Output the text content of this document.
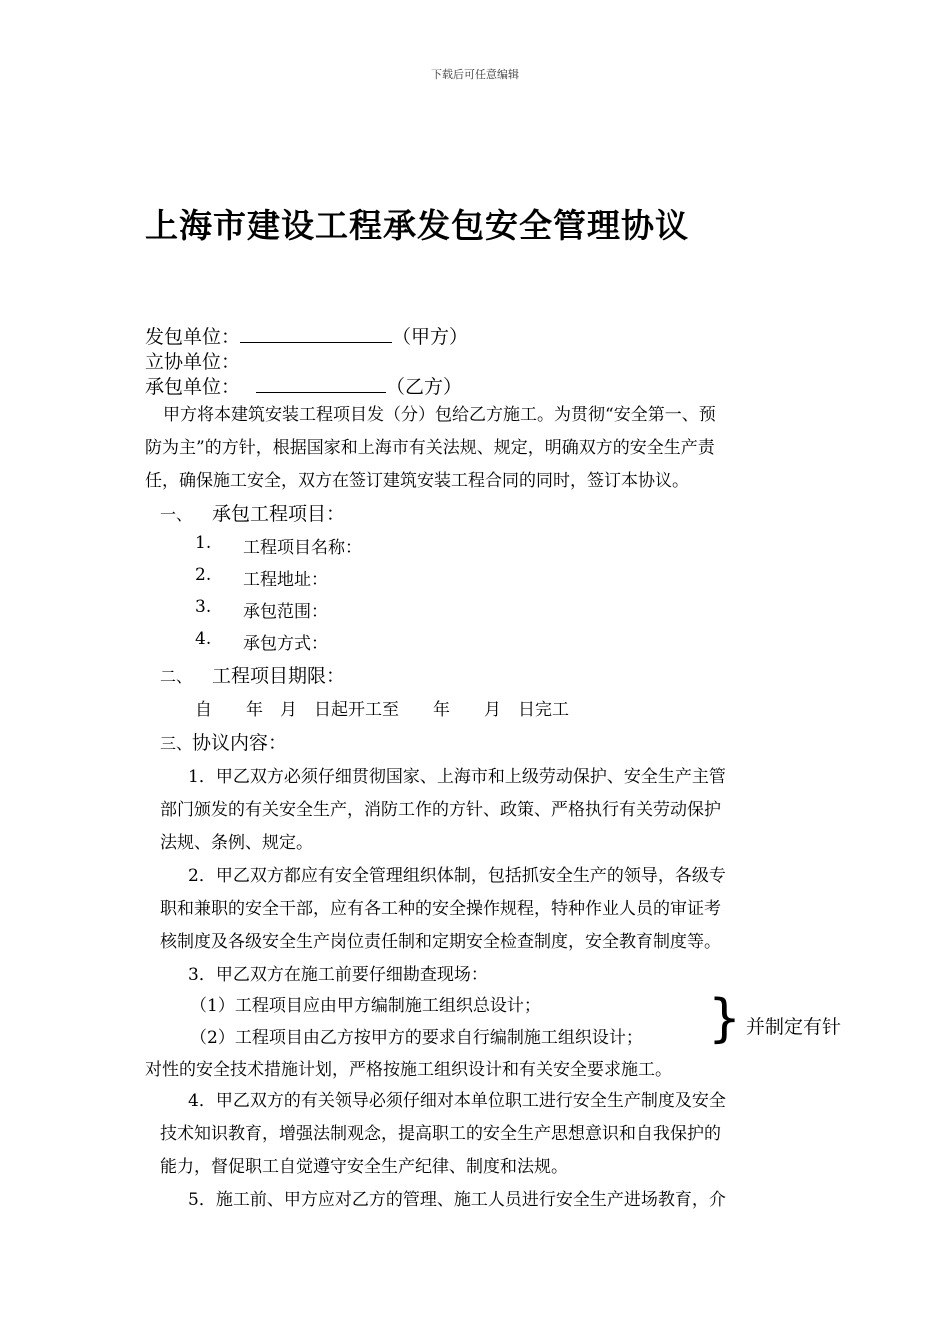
下载后可任意编辑
上海市建设工程承发包安全管理协议
发包单位：	（甲方）
立协单位：
承包单位：	（乙方）
甲方将本建筑安装工程项目发（分）包给乙方施工。为贯彻“安全第一、预
防为主”的方针，根据国家和上海市有关法规、规定，明确双方的安全生产责
任，确保施工安全，双方在签订建筑安装工程合同的同时，签订本协议。
一、 承包工程项目：
1. 工程项目名称：
2. 工程地址：
3. 承包范围：
4. 承包方式：
二、 工程项目期限：
自　　年　月　日起开工至　　年　　月　日完工
三、协议内容：
1．甲乙双方必须仔细贯彻国家、上海市和上级劳动保护、安全生产主管
部门颁发的有关安全生产，消防工作的方针、政策、严格执行有关劳动保护
法规、条例、规定。
2．甲乙双方都应有安全管理组织体制，包括抓安全生产的领导，各级专
职和兼职的安全干部，应有各工种的安全操作规程，特种作业人员的审证考
核制度及各级安全生产岗位责任制和定期安全检查制度，安全教育制度等。
3．甲乙双方在施工前要仔细勘查现场：
（1）工程项目应由甲方编制施工组织总设计；
（2）工程项目由乙方按甲方的要求自行编制施工组织设计； } 并制定有针
对性的安全技术措施计划，严格按施工组织设计和有关安全要求施工。
4．甲乙双方的有关领导必须仔细对本单位职工进行安全生产制度及安全
技术知识教育，增强法制观念，提高职工的安全生产思想意识和自我保护的
能力，督促职工自觉遵守安全生产纪律、制度和法规。
5．施工前、甲方应对乙方的管理、施工人员进行安全生产进场教育，介
